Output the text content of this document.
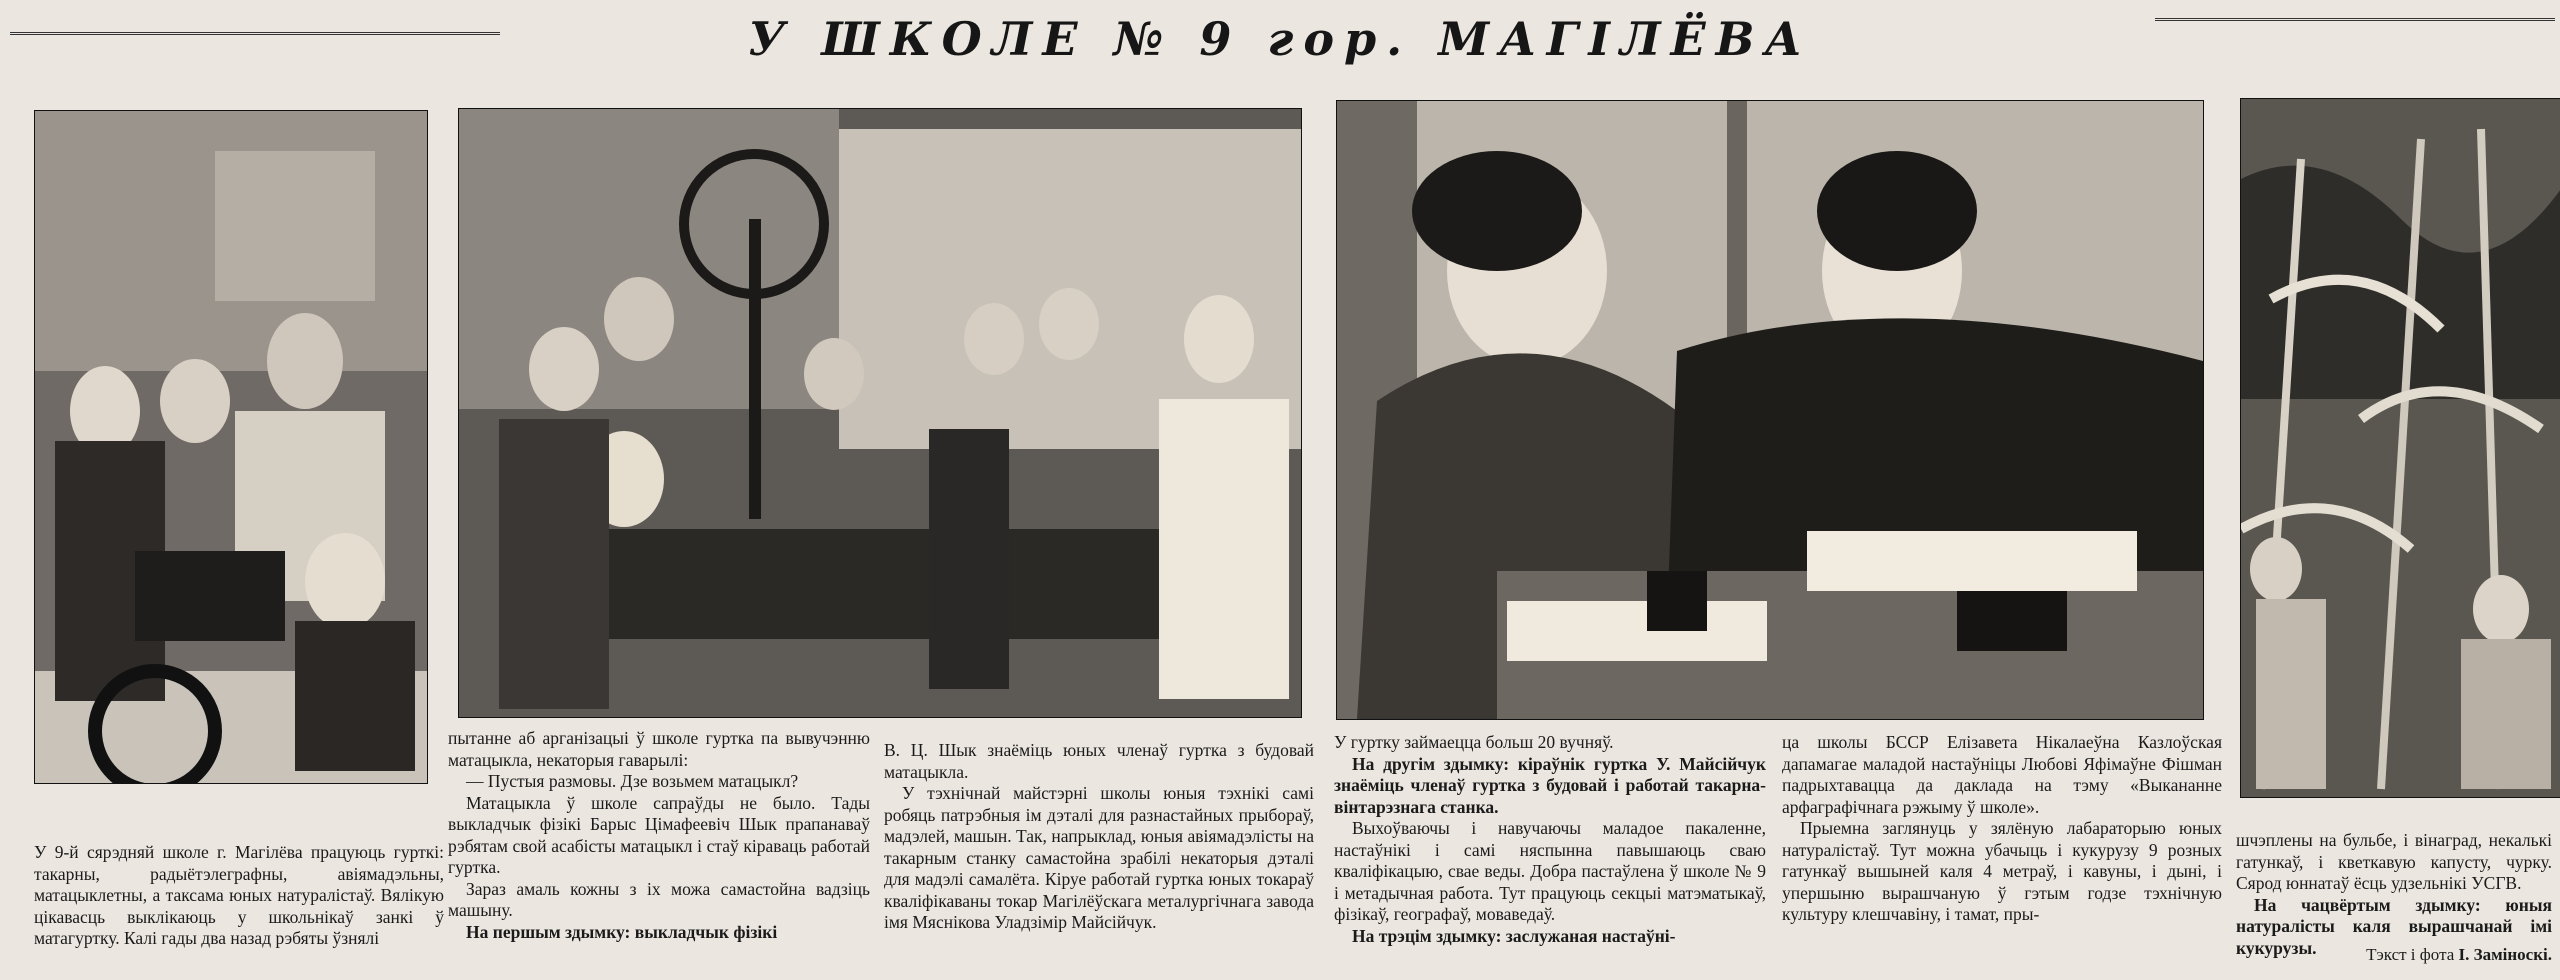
У ШКОЛЕ № 9 гор. МАГІЛЁВА

У 9-й сярэдняй школе г. Магілёва працуюць гурткі: такарны, радыётэлеграфны, авіямадэльны, матацыклетны, а таксама юных натуралістаў. Вялікую цікавасць выклікаюць у школьнікаў занкі ў матагуртку. Калі гады два назад рэбяты ўзнялі

пытанне аб арганізацыі ў школе гуртка па вывучэнню матацыкла, некаторыя гаварылі:

— Пустыя размовы. Дзе возьмем матацыкл?

Матацыкла ў школе сапраўды не было. Тады выкладчык фізікі Барыс Цімафеевіч Шык прапанаваў рэбятам свой асабісты матацыкл і стаў кіраваць работай гуртка.

Зараз амаль кожны з іх можа самастойна вадзіць машыну.

На першым здымку: выкладчык фізікі

В. Ц. Шык знаёміць юных членаў гуртка з будовай матацыкла.

У тэхнічнай майстэрні школы юныя тэхнікі самі робяць патрэбныя ім дэталі для разнастайных прыбораў, мадэлей, машын. Так, напрыклад, юныя авіямадэлісты на такарным станку самастойна зрабілі некаторыя дэталі для мадэлі самалёта. Кіруе работай гуртка юных токараў кваліфікаваны токар Магілёўскага металургічнага завода імя Мяснікова Уладзімір Майсійчук.

У гуртку займаецца больш 20 вучняў.

На другім здымку: кіраўнік гуртка У. Майсійчук знаёміць членаў гуртка з будовай і работай такарна-вінтарэзнага станка.

Выхоўваючы і навучаючы маладое пакаленне, настаўнікі і самі няспынна павышаюць сваю кваліфікацыю, свае веды. Добра пастаўлена ў школе № 9 і метадычная работа. Тут працуюць секцыі матэматыкаў, фізікаў, географаў, моваведаў.

На трэцім здымку: заслужаная настаўні-

ца школы БССР Елізавета Нікалаеўна Казлоўская дапамагае маладой настаўніцы Любові Яфімаўне Фішман падрыхтавацца да даклада на тэму «Выкананне арфаграфічнага рэжыму ў школе».

Прыемна заглянуць у зялёную лабараторыю юных натуралістаў. Тут можна убачыць і кукурузу 9 розных гатункаў вышыней каля 4 метраў, і кавуны, і дыні, і упершыню вырашчаную ў гэтым годзе тэхнічную культуру клешчавіну, і тамат, пры-

шчэплены на бульбе, і вінаград, некалькі гатункаў, і кветкавую капусту, чурку. Сярод юннатаў ёсць удзельнікі УСГВ.

На чацвёртым здымку: юныя натуралісты каля вырашчанай імі кукурузы.	Тэкст і фота І. Заміноскі.
